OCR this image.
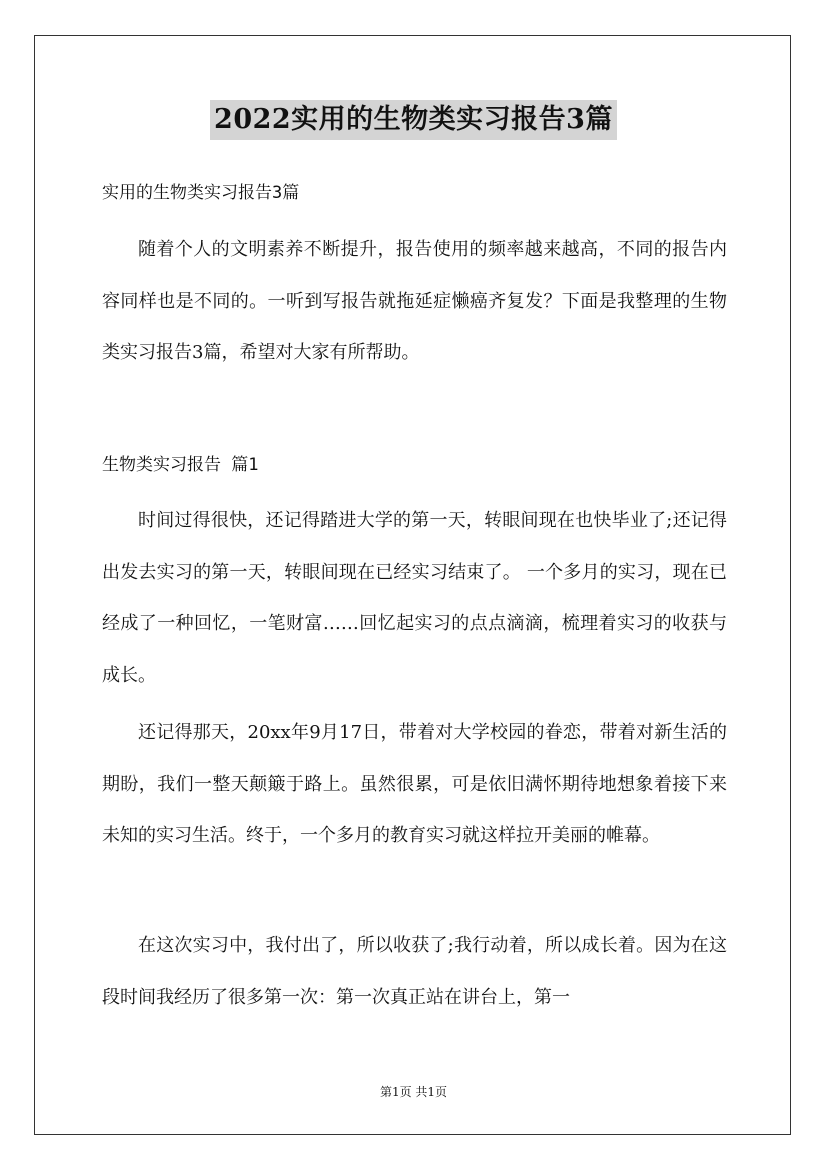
2022实用的生物类实习报告3篇
实用的生物类实习报告3篇

随着个人的文明素养不断提升，报告使用的频率越来越高，不同的报告内容同样也是不同的。一听到写报告就拖延症懒癌齐复发？下面是我整理的生物类实习报告3篇，希望对大家有所帮助。

生物类实习报告 篇1

时间过得很快，还记得踏进大学的第一天，转眼间现在也快毕业了;还记得出发去实习的第一天，转眼间现在已经实习结束了。 一个多月的实习，现在已经成了一种回忆，一笔财富……回忆起实习的点点滴滴，梳理着实习的收获与成长。

还记得那天，20xx年9月17日，带着对大学校园的眷恋，带着对新生活的期盼，我们一整天颠簸于路上。虽然很累，可是依旧满怀期待地想象着接下来未知的实习生活。终于，一个多月的教育实习就这样拉开美丽的帷幕。

在这次实习中，我付出了，所以收获了;我行动着，所以成长着。因为在这段时间我经历了很多第一次：第一次真正站在讲台上，第一

第1页 共1页
